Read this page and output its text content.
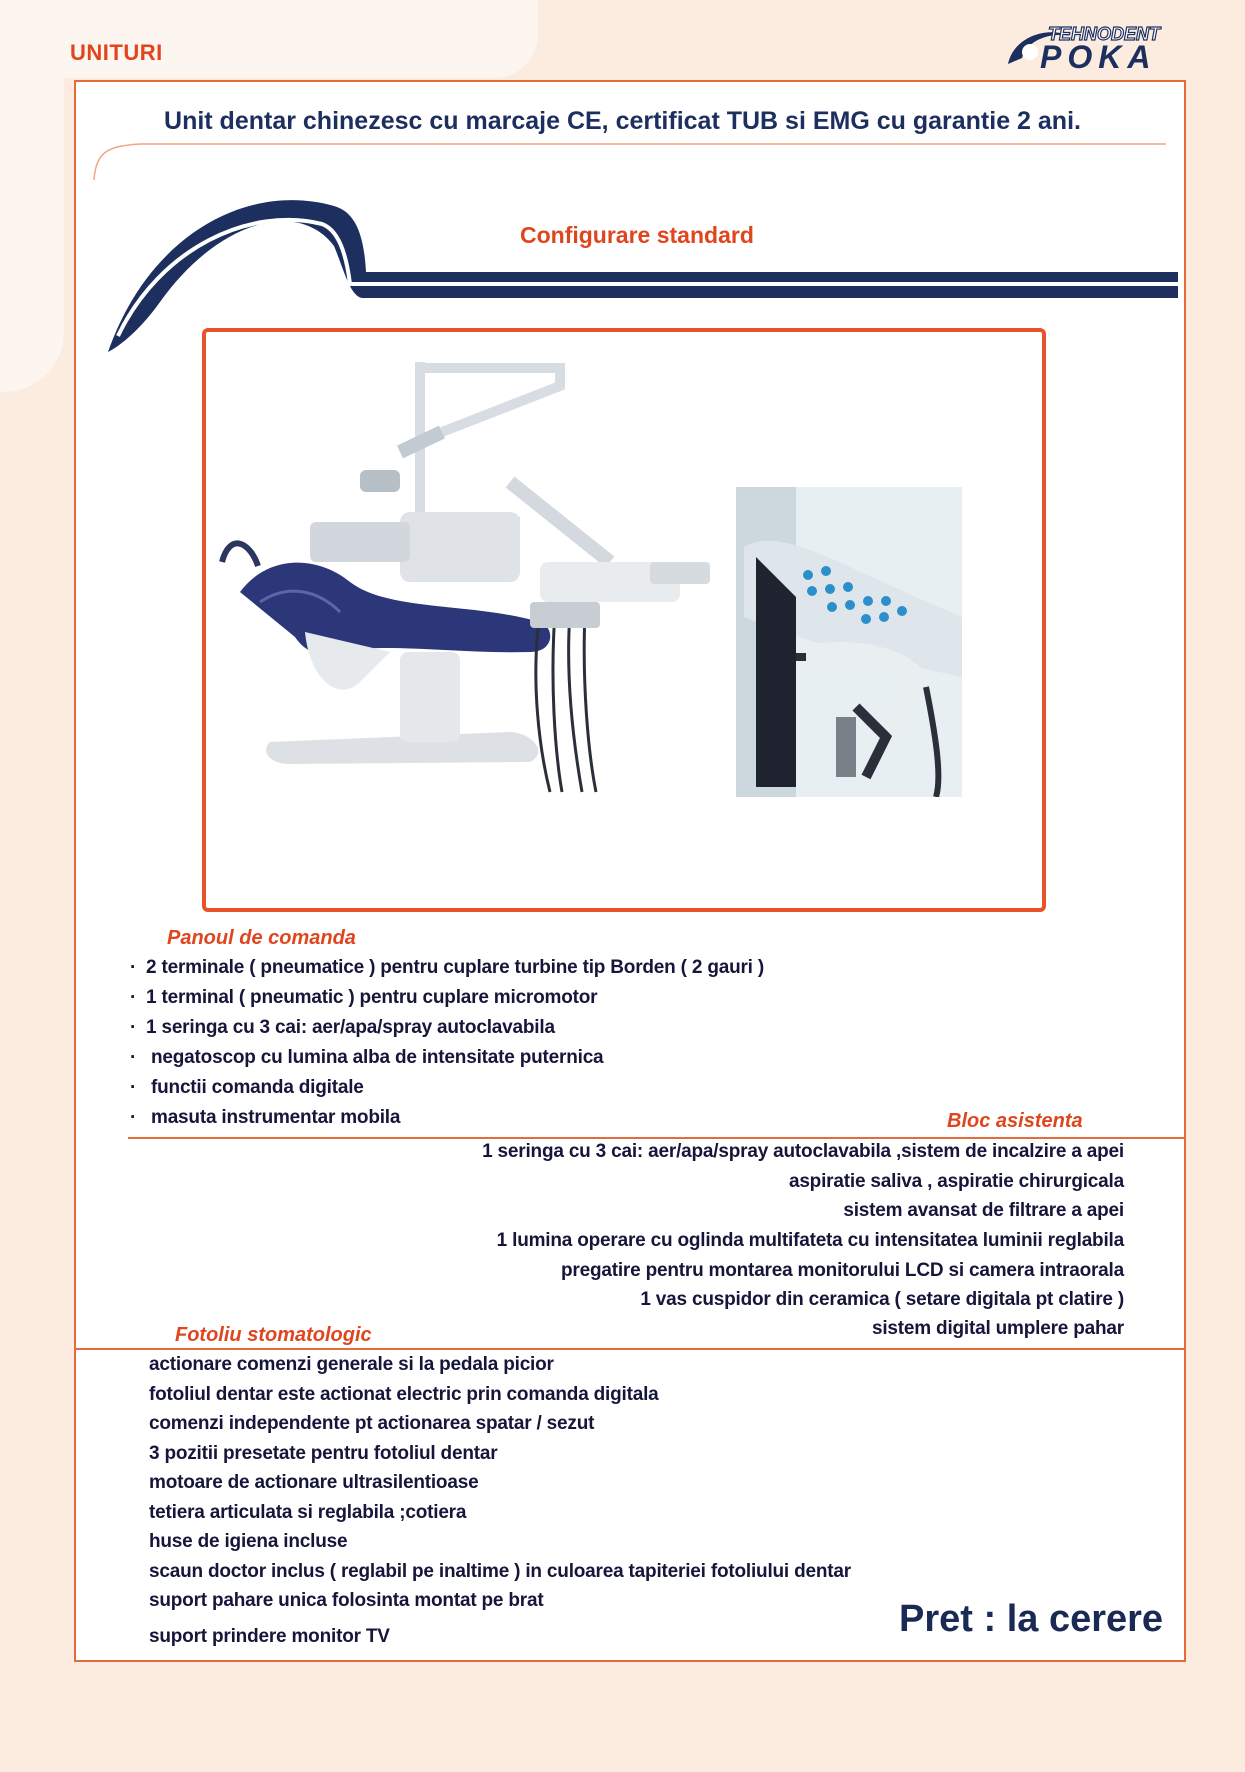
UNITURI
TEHNODENT
POKA
Unit dentar chinezesc cu marcaje CE, certificat TUB si EMG cu garantie 2 ani.
Configurare standard
Panoul de comanda
· 2 terminale ( pneumatice ) pentru cuplare turbine tip Borden ( 2 gauri )
· 1 terminal ( pneumatic ) pentru cuplare micromotor
· 1 seringa cu 3 cai: aer/apa/spray autoclavabila
· negatoscop cu lumina alba de intensitate puternica
· functii comanda digitale
· masuta instrumentar mobila	Bloc asistenta
1 seringa cu 3 cai: aer/apa/spray autoclavabila ,sistem de incalzire a apei
aspiratie saliva , aspiratie chirurgicala
sistem avansat de filtrare a apei
1 lumina operare cu oglinda multifateta cu intensitatea luminii reglabila
pregatire pentru montarea monitorului LCD si camera intraorala
1 vas cuspidor din ceramica ( setare digitala pt clatire )
sistem digital umplere pahar
Fotoliu stomatologic
actionare comenzi generale si la pedala picior
fotoliul dentar este actionat electric prin comanda digitala
comenzi independente pt actionarea spatar / sezut
3 pozitii presetate pentru fotoliul dentar
motoare de actionare ultrasilentioase
tetiera articulata si reglabila ;cotiera
huse de igiena incluse
scaun doctor inclus ( reglabil pe inaltime ) in culoarea tapiteriei fotoliului dentar
suport pahare unica folosinta montat pe brat
suport prindere monitor TV	Pret : la cerere
